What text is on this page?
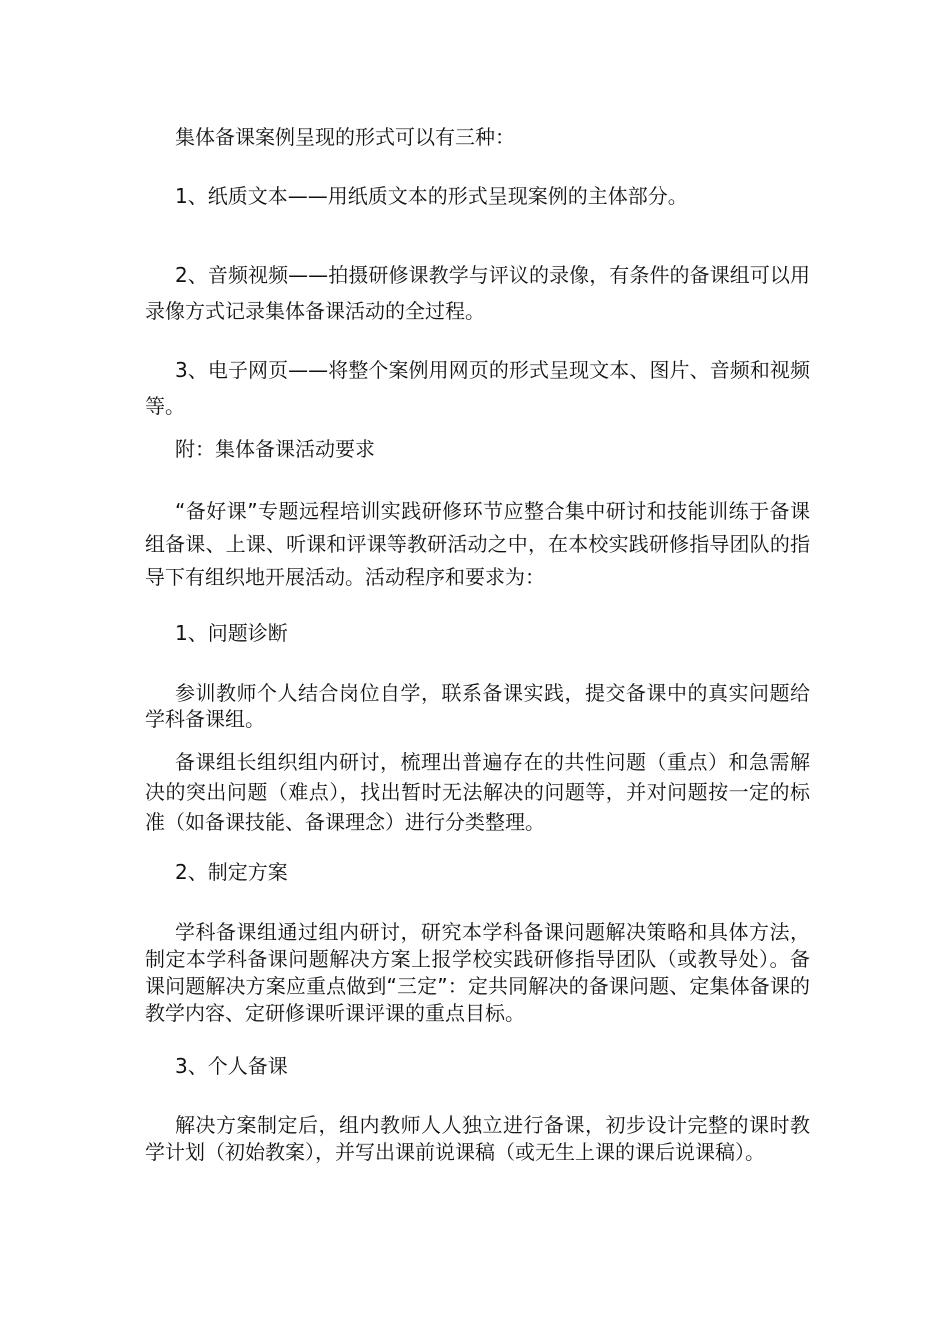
集体备课案例呈现的形式可以有三种：

1、纸质文本——用纸质文本的形式呈现案例的主体部分。

2、音频视频——拍摄研修课教学与评议的录像，有条件的备课组可以用录像方式记录集体备课活动的全过程。

3、电子网页——将整个案例用网页的形式呈现文本、图片、音频和视频等。

附：集体备课活动要求

“备好课”专题远程培训实践研修环节应整合集中研讨和技能训练于备课组备课、上课、听课和评课等教研活动之中，在本校实践研修指导团队的指导下有组织地开展活动。活动程序和要求为：

1、问题诊断

参训教师个人结合岗位自学，联系备课实践，提交备课中的真实问题给学科备课组。

备课组长组织组内研讨，梳理出普遍存在的共性问题（重点）和急需解决的突出问题（难点），找出暂时无法解决的问题等，并对问题按一定的标准（如备课技能、备课理念）进行分类整理。

2、制定方案

学科备课组通过组内研讨，研究本学科备课问题解决策略和具体方法，制定本学科备课问题解决方案上报学校实践研修指导团队（或教导处）。备课问题解决方案应重点做到“三定”：定共同解决的备课问题、定集体备课的教学内容、定研修课听课评课的重点目标。

3、个人备课

解决方案制定后，组内教师人人独立进行备课，初步设计完整的课时教学计划（初始教案），并写出课前说课稿（或无生上课的课后说课稿）。
